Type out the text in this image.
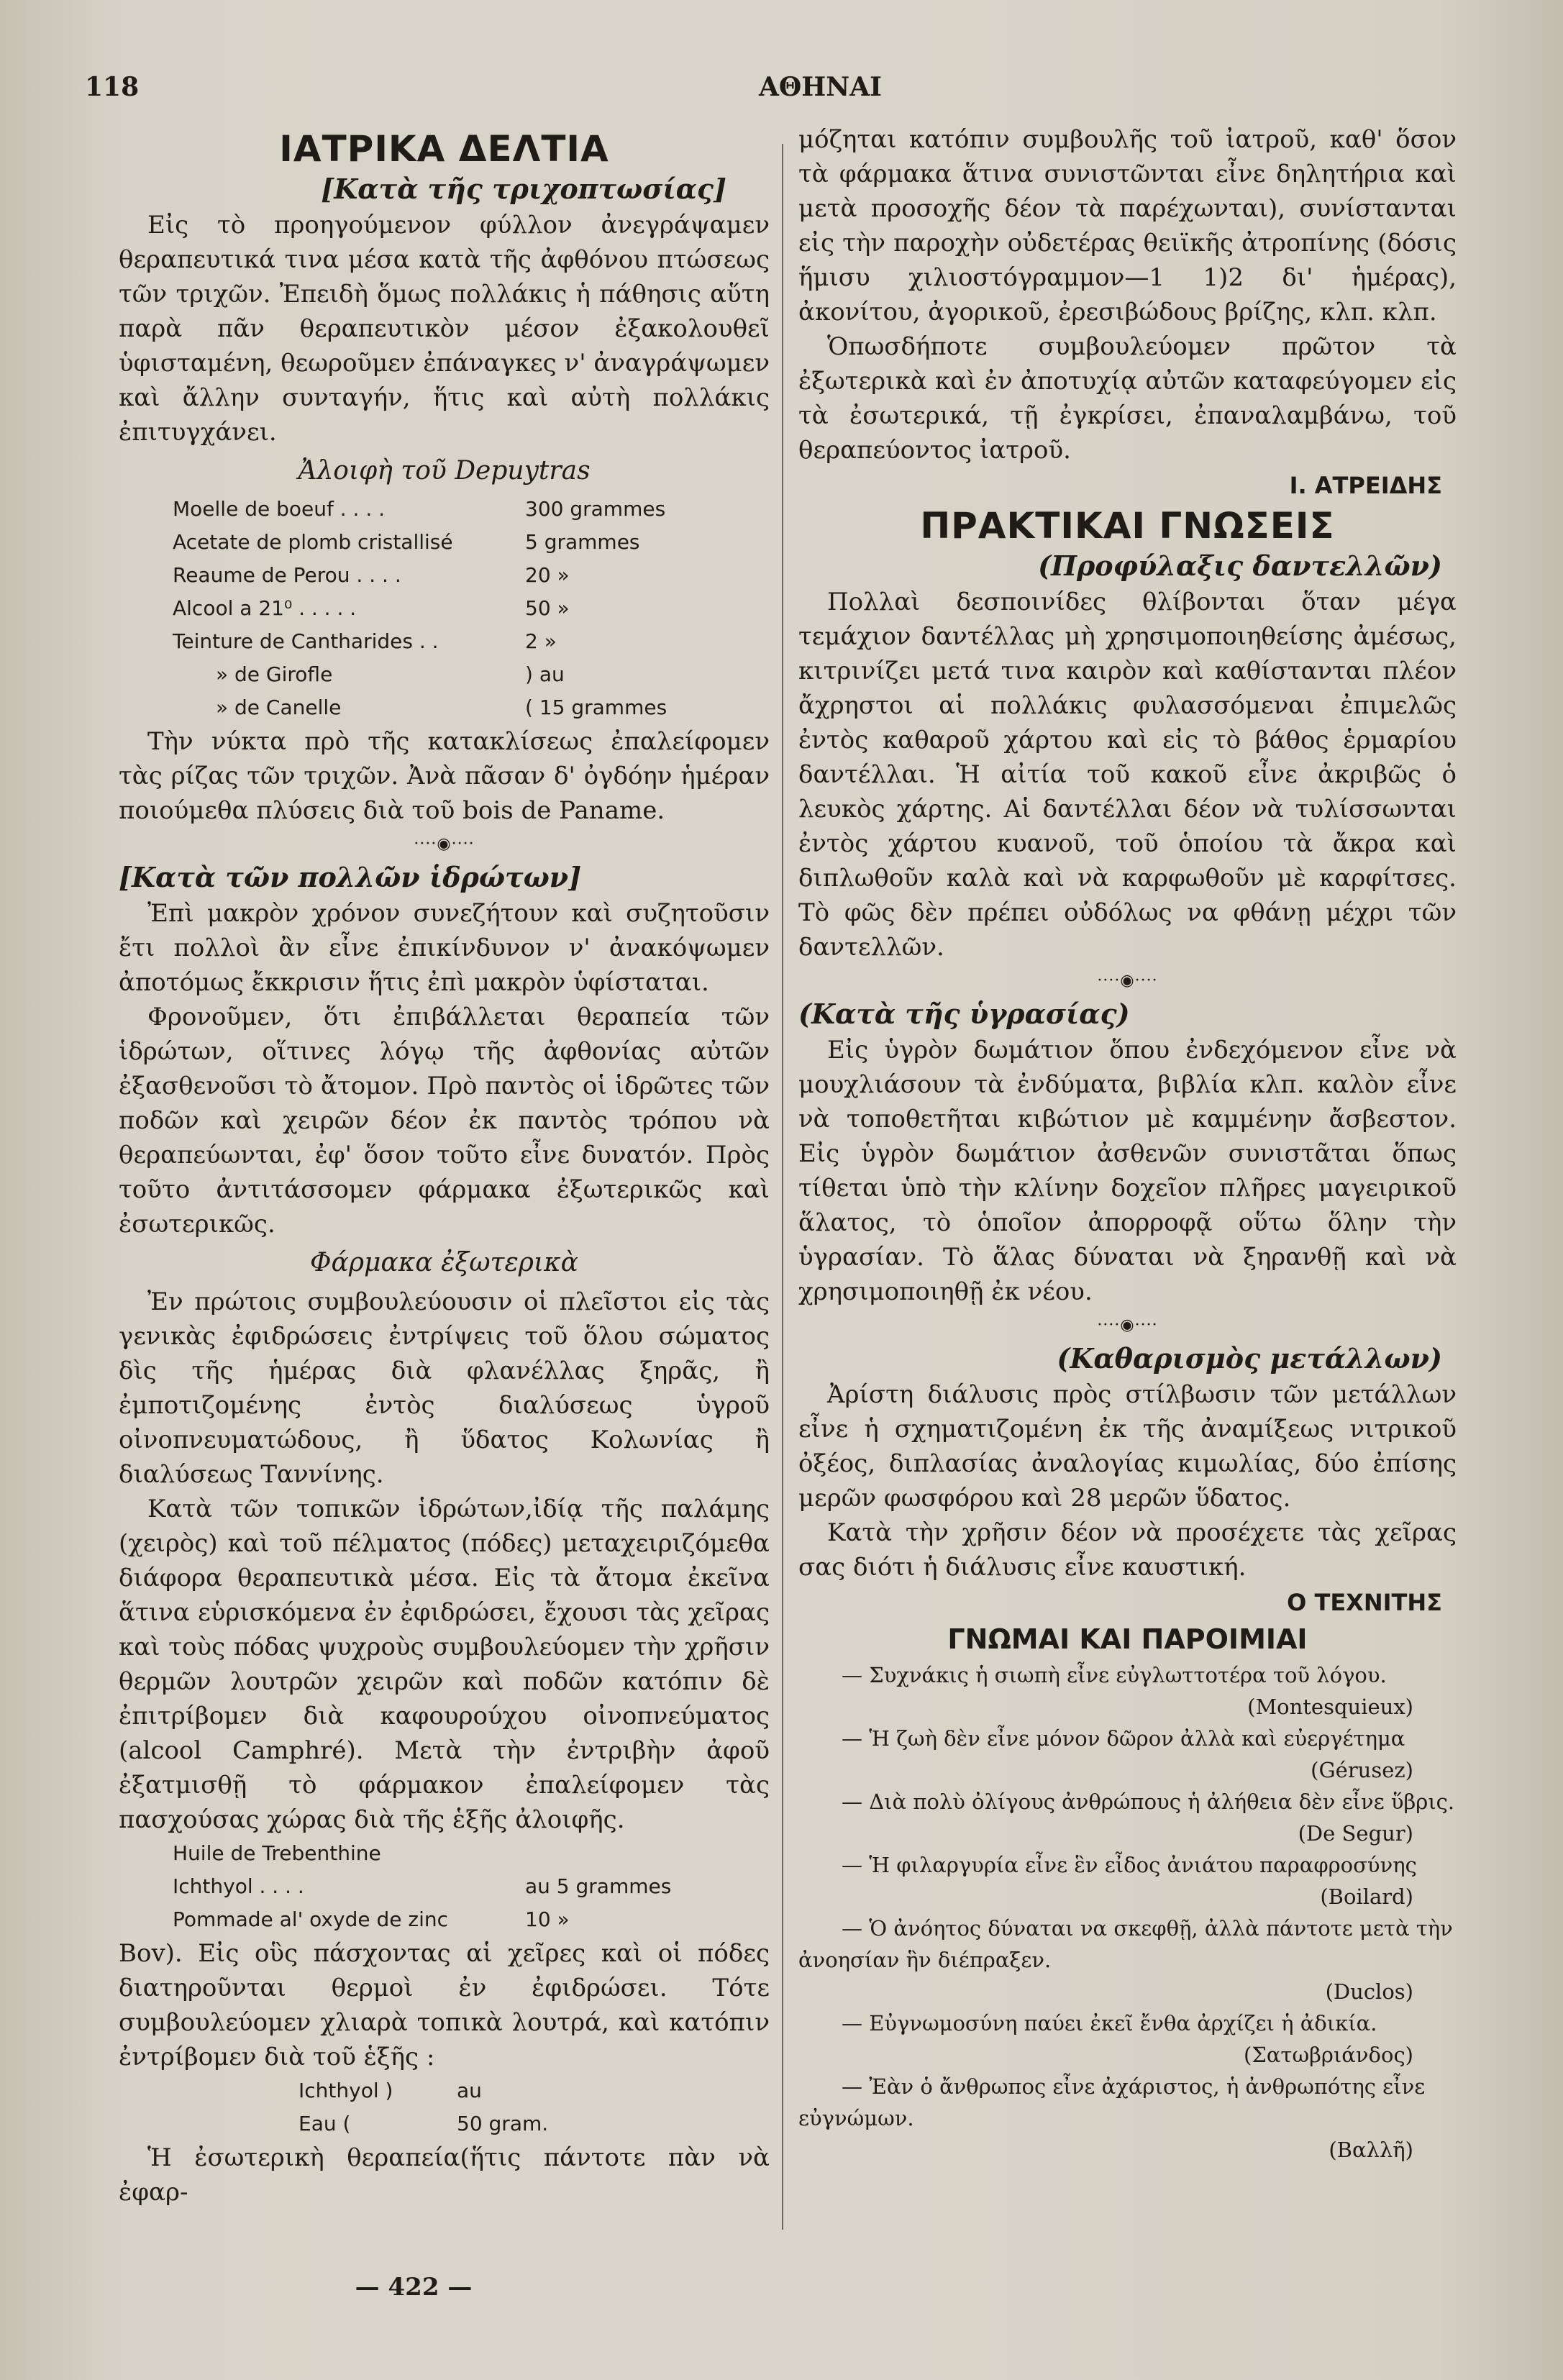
118	ΑΘΗΝΑΙ
ΙΑΤΡΙΚΑ ΔΕΛΤΙΑ
[Κατὰ τῆς τριχοπτωσίας]

Εἰς τὸ προηγούμενον φύλλον ἀνεγράψαμεν θεραπευτικά τινα μέσα κατὰ τῆς ἀφθόνου πτώσεως τῶν τριχῶν. Ἐπειδὴ ὅμως πολλάκις ἡ πάθησις αὕτη παρὰ πᾶν θεραπευτικὸν μέσον ἐξακολουθεῖ ὑφισταμένη, θεωροῦμεν ἐπάναγκες ν' ἀναγράψωμεν καὶ ἄλλην συνταγήν, ἥτις καὶ αὐτὴ πολλάκις ἐπιτυγχάνει.

Ἀλοιφὴ τοῦ Depuytras

Moelle de boeuf . . . .	300 grammes
Acetate de plomb cristallisé	5 grammes
Reaume de Perou . . . .	20 »
Alcool a 21⁰ . . . . .	50 »
Teinture de Cantharides . .	2 »
» de Girofle	) au
» de Canelle	( 15 grammes

Τὴν νύκτα πρὸ τῆς κατακλίσεως ἐπαλείφομεν τὰς ρίζας τῶν τριχῶν. Ἀνὰ πᾶσαν δ' ὀγδόην ἡμέραν ποιούμεθα πλύσεις διὰ τοῦ bois de Paname.

····◉····
[Κατὰ τῶν πολλῶν ἱδρώτων]

Ἐπὶ μακρὸν χρόνον συνεζήτουν καὶ συζητοῦσιν ἔτι πολλοὶ ἂν εἶνε ἐπικίνδυνον ν' ἀνακόψωμεν ἀποτόμως ἔκκρισιν ἥτις ἐπὶ μακρὸν ὑφίσταται.

Φρονοῦμεν, ὅτι ἐπιβάλλεται θεραπεία τῶν ἱδρώτων, οἵτινες λόγῳ τῆς ἀφθονίας αὐτῶν ἐξασθενοῦσι τὸ ἄτομον. Πρὸ παντὸς οἱ ἱδρῶτες τῶν ποδῶν καὶ χειρῶν δέον ἐκ παντὸς τρόπου νὰ θεραπεύωνται, ἐφ' ὅσον τοῦτο εἶνε δυνατόν. Πρὸς τοῦτο ἀντιτάσσομεν φάρμακα ἐξωτερικῶς καὶ ἐσωτερικῶς.

Φάρμακα ἐξωτερικὰ

Ἐν πρώτοις συμβουλεύουσιν οἱ πλεῖστοι εἰς τὰς γενικὰς ἐφιδρώσεις ἐντρίψεις τοῦ ὅλου σώματος δὶς τῆς ἡμέρας διὰ φλανέλλας ξηρᾶς, ἢ ἐμποτιζομένης ἐντὸς διαλύσεως ὑγροῦ οἰνοπνευματώδους, ἢ ὕδατος Κολωνίας ἢ διαλύσεως Ταννίνης.

Κατὰ τῶν τοπικῶν ἱδρώτων,ἰδίᾳ τῆς παλάμης (χειρὸς) καὶ τοῦ πέλματος (πόδες) μεταχειριζόμεθα διάφορα θεραπευτικὰ μέσα. Εἰς τὰ ἄτομα ἐκεῖνα ἅτινα εὑρισκόμενα ἐν ἐφιδρώσει, ἔχουσι τὰς χεῖρας καὶ τοὺς πόδας ψυχροὺς συμβουλεύομεν τὴν χρῆσιν θερμῶν λουτρῶν χειρῶν καὶ ποδῶν κατόπιν δὲ ἐπιτρίβομεν διὰ καφουρούχου οἰνοπνεύματος (alcool Camphré). Μετὰ τὴν ἐντριβὴν ἀφοῦ ἐξατμισθῇ τὸ φάρμακον ἐπαλείφομεν τὰς πασχούσας χώρας διὰ τῆς ἑξῆς ἀλοιφῆς.

Huile de Trebenthine
Ichthyol . . . .	au 5 grammes
Pommade al' oxyde de zinc	10 »

Bov). Εἰς οὓς πάσχοντας αἱ χεῖρες καὶ οἱ πόδες διατηροῦνται θερμοὶ ἐν ἐφιδρώσει. Τότε συμβουλεύομεν χλιαρὰ τοπικὰ λουτρά, καὶ κατόπιν ἐντρίβομεν διὰ τοῦ ἑξῆς :

Ichthyol )	au
Eau (	50 gram.

Ἡ ἐσωτερικὴ θεραπεία(ἥτις πάντοτε πὰν νὰ ἐφαρ-

μόζηται κατόπιν συμβουλῆς τοῦ ἰατροῦ, καθ' ὅσον τὰ φάρμακα ἅτινα συνιστῶνται εἶνε δηλητήρια καὶ μετὰ προσοχῆς δέον τὰ παρέχωνται), συνίστανται εἰς τὴν παροχὴν οὐδετέρας θειϊκῆς ἀτροπίνης (δόσις ἥμισυ χιλιοστόγραμμον—1 1)2 δι' ἡμέρας), ἀκονίτου, ἀγορικοῦ, ἐρεσιβώδους βρίζης, κλπ. κλπ.

Ὁπωσδήποτε συμβουλεύομεν πρῶτον τὰ ἐξωτερικὰ καὶ ἐν ἀποτυχίᾳ αὐτῶν καταφεύγομεν εἰς τὰ ἐσωτερικά, τῇ ἐγκρίσει, ἐπαναλαμβάνω, τοῦ θεραπεύοντος ἰατροῦ.

Ι. ΑΤΡΕΙΔΗΣ
ΠΡΑΚΤΙΚΑΙ ΓΝΩΣΕΙΣ
(Προφύλαξις δαντελλῶν)

Πολλαὶ δεσποινίδες θλίβονται ὅταν μέγα τεμάχιον δαντέλλας μὴ χρησιμοποιηθείσης ἀμέσως, κιτρινίζει μετά τινα καιρὸν καὶ καθίστανται πλέον ἄχρηστοι αἱ πολλάκις φυλασσόμεναι ἐπιμελῶς ἐντὸς καθαροῦ χάρτου καὶ εἰς τὸ βάθος ἑρμαρίου δαντέλλαι. Ἡ αἰτία τοῦ κακοῦ εἶνε ἀκριβῶς ὁ λευκὸς χάρτης. Αἱ δαντέλλαι δέον νὰ τυλίσσωνται ἐντὸς χάρτου κυανοῦ, τοῦ ὁποίου τὰ ἄκρα καὶ διπλωθοῦν καλὰ καὶ νὰ καρφωθοῦν μὲ καρφίτσες. Τὸ φῶς δὲν πρέπει οὐδόλως να φθάνῃ μέχρι τῶν δαντελλῶν.

····◉····
(Κατὰ τῆς ὑγρασίας)

Εἰς ὑγρὸν δωμάτιον ὅπου ἐνδεχόμενον εἶνε νὰ μουχλιάσουν τὰ ἐνδύματα, βιβλία κλπ. καλὸν εἶνε νὰ τοποθετῆται κιβώτιον μὲ καμμένην ἄσβεστον. Εἰς ὑγρὸν δωμάτιον ἀσθενῶν συνιστᾶται ὅπως τίθεται ὑπὸ τὴν κλίνην δοχεῖον πλῆρες μαγειρικοῦ ἅλατος, τὸ ὁποῖον ἀπορροφᾷ οὕτω ὅλην τὴν ὑγρασίαν. Τὸ ἅλας δύναται νὰ ξηρανθῇ καὶ νὰ χρησιμοποιηθῇ ἐκ νέου.

····◉····
(Καθαρισμὸς μετάλλων)

Ἀρίστη διάλυσις πρὸς στίλβωσιν τῶν μετάλλων εἶνε ἡ σχηματιζομένη ἐκ τῆς ἀναμίξεως νιτρικοῦ ὀξέος, διπλασίας ἀναλογίας κιμωλίας, δύο ἐπίσης μερῶν φωσφόρου καὶ 28 μερῶν ὕδατος.

Κατὰ τὴν χρῆσιν δέον νὰ προσέχετε τὰς χεῖρας σας διότι ἡ διάλυσις εἶνε καυστική.

Ο ΤΕΧΝΙΤΗΣ
ΓΝΩΜΑΙ ΚΑΙ ΠΑΡΟΙΜΙΑΙ
— Συχνάκις ἡ σιωπὴ εἶνε εὐγλωττοτέρα τοῦ λόγου.
(Montesquieux)
— Ἡ ζωὴ δὲν εἶνε μόνον δῶρον ἀλλὰ καὶ εὐεργέτημα
(Gérusez)
— Διὰ πολὺ ὀλίγους ἀνθρώπους ἡ ἀλήθεια δὲν εἶνε ὕβρις.
(De Segur)
— Ἡ φιλαργυρία εἶνε ἓν εἶδος ἀνιάτου παραφροσύνης
(Boilard)
— Ὁ ἀνόητος δύναται να σκεφθῇ, ἀλλὰ πάντοτε μετὰ τὴν ἀνοησίαν ἣν διέπραξεν.
(Duclos)
— Εὐγνωμοσύνη παύει ἐκεῖ ἔνθα ἀρχίζει ἡ ἀδικία.
(Σατωβριάνδος)
— Ἐὰν ὁ ἄνθρωπος εἶνε ἀχάριστος, ἡ ἀνθρωπότης εἶνε εὐγνώμων.
(Βαλλῆ)
— 422 —
